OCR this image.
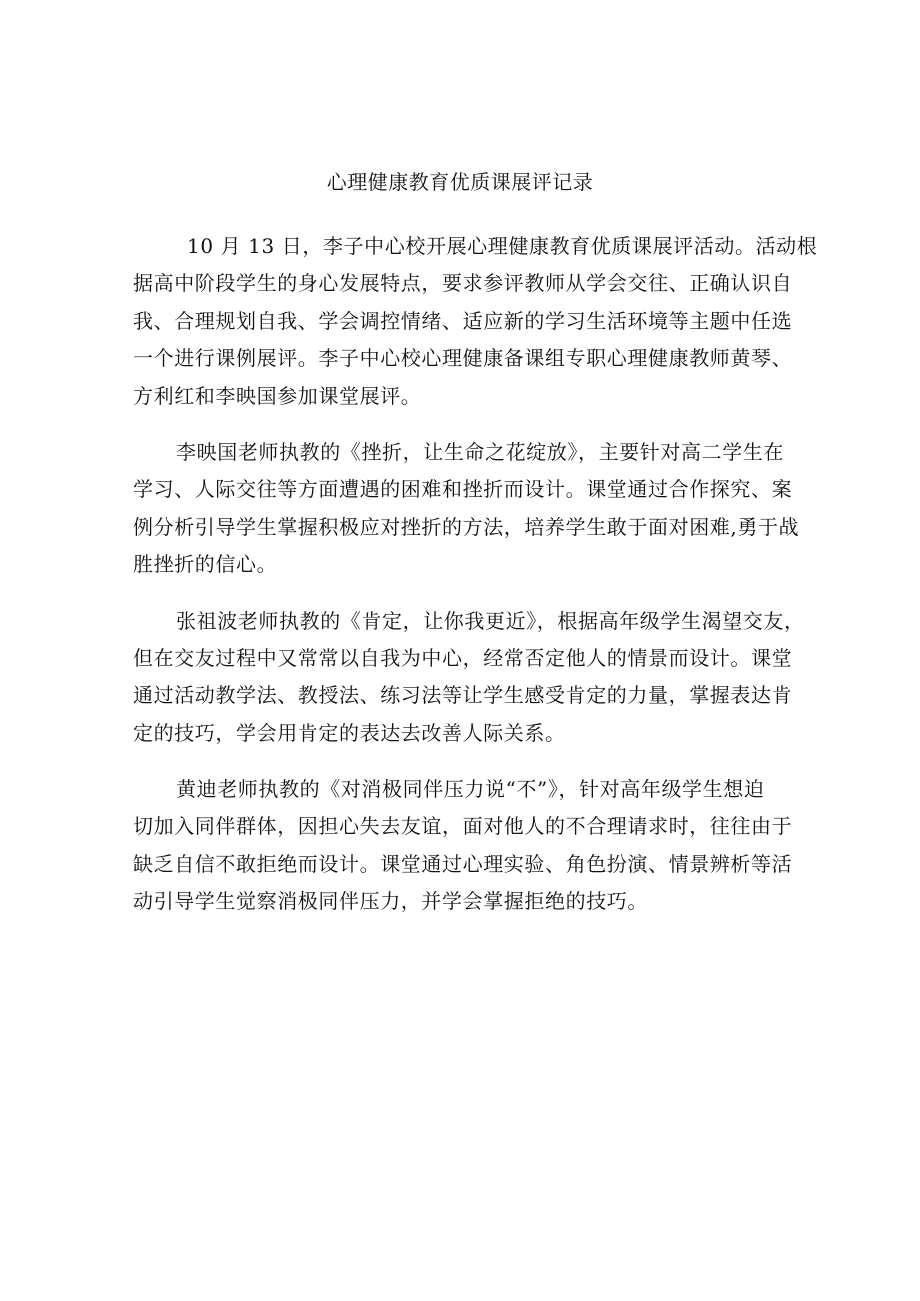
心理健康教育优质课展评记录

10 月 13 日，李子中心校开展心理健康教育优质课展评活动。活动根
据高中阶段学生的身心发展特点，要求参评教师从学会交往、正确认识自
我、合理规划自我、学会调控情绪、适应新的学习生活环境等主题中任选
一个进行课例展评。李子中心校心理健康备课组专职心理健康教师黄琴、
方利红和李映国参加课堂展评。

李映国老师执教的《挫折，让生命之花绽放》，主要针对高二学生在
学习、人际交往等方面遭遇的困难和挫折而设计。课堂通过合作探究、案
例分析引导学生掌握积极应对挫折的方法，培养学生敢于面对困难,勇于战
胜挫折的信心。

张祖波老师执教的《肯定，让你我更近》，根据高年级学生渴望交友，
但在交友过程中又常常以自我为中心，经常否定他人的情景而设计。课堂
通过活动教学法、教授法、练习法等让学生感受肯定的力量，掌握表达肯
定的技巧，学会用肯定的表达去改善人际关系。

黄迪老师执教的《对消极同伴压力说“不”》，针对高年级学生想迫
切加入同伴群体，因担心失去友谊，面对他人的不合理请求时，往往由于
缺乏自信不敢拒绝而设计。课堂通过心理实验、角色扮演、情景辨析等活
动引导学生觉察消极同伴压力，并学会掌握拒绝的技巧。
